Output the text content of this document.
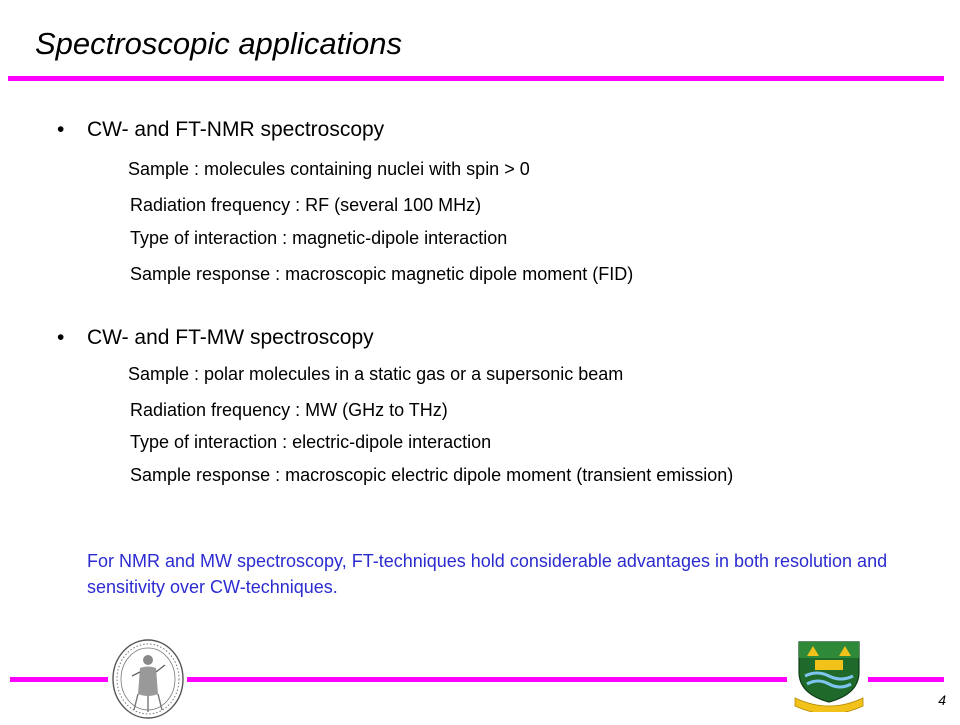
Spectroscopic applications
• CW- and FT-NMR spectroscopy
Sample : molecules containing nuclei with spin > 0
Radiation frequency : RF (several 100 MHz)
Type of interaction : magnetic-dipole interaction
Sample response : macroscopic magnetic dipole moment (FID)
• CW- and FT-MW spectroscopy
Sample : polar molecules in a static gas or a supersonic beam
Radiation frequency : MW (GHz to THz)
Type of interaction : electric-dipole interaction
Sample response : macroscopic electric dipole moment (transient emission)
For NMR and MW spectroscopy, FT-techniques hold considerable advantages in both resolution and sensitivity over CW-techniques.
4
